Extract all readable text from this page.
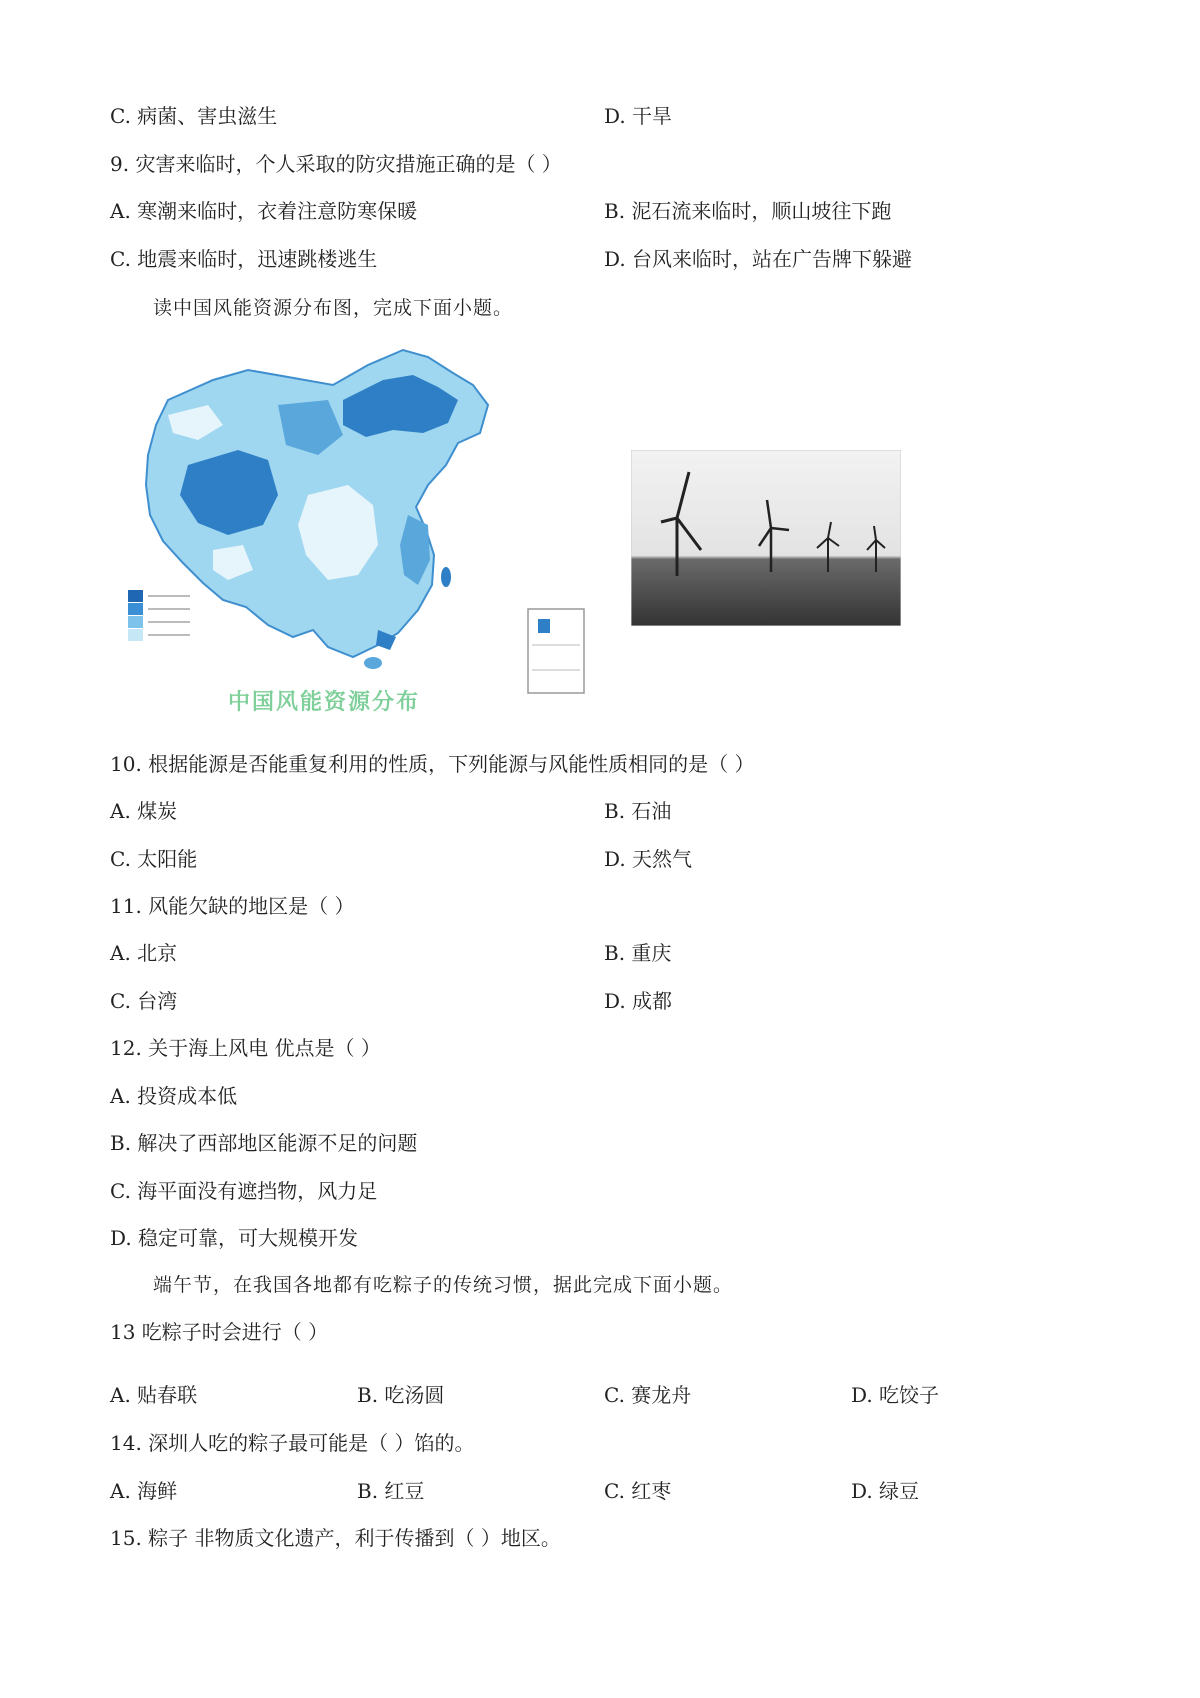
C. 病菌、害虫滋生	D. 干旱
9. 灾害来临时，个人采取的防灾措施正确的是（ ）
A. 寒潮来临时，衣着注意防寒保暖	B. 泥石流来临时，顺山坡往下跑
C. 地震来临时，迅速跳楼逃生	D. 台风来临时，站在广告牌下躲避
读中国风能资源分布图，完成下面小题。
中国风能资源分布
10. 根据能源是否能重复利用的性质，下列能源与风能性质相同的是（ ）
A. 煤炭	B. 石油
C. 太阳能	D. 天然气
11. 风能欠缺的地区是（ ）
A. 北京	B. 重庆
C. 台湾	D. 成都
12. 关于海上风电 优点是（ ）
A. 投资成本低
B. 解决了西部地区能源不足的问题
C. 海平面没有遮挡物，风力足
D. 稳定可靠，可大规模开发
端午节，在我国各地都有吃粽子的传统习惯，据此完成下面小题。
13 吃粽子时会进行（ ）
A. 贴春联	B. 吃汤圆	C. 赛龙舟	D. 吃饺子
14. 深圳人吃的粽子最可能是（ ）馅的。
A. 海鲜	B. 红豆	C. 红枣	D. 绿豆
15. 粽子 非物质文化遗产，利于传播到（ ）地区。
